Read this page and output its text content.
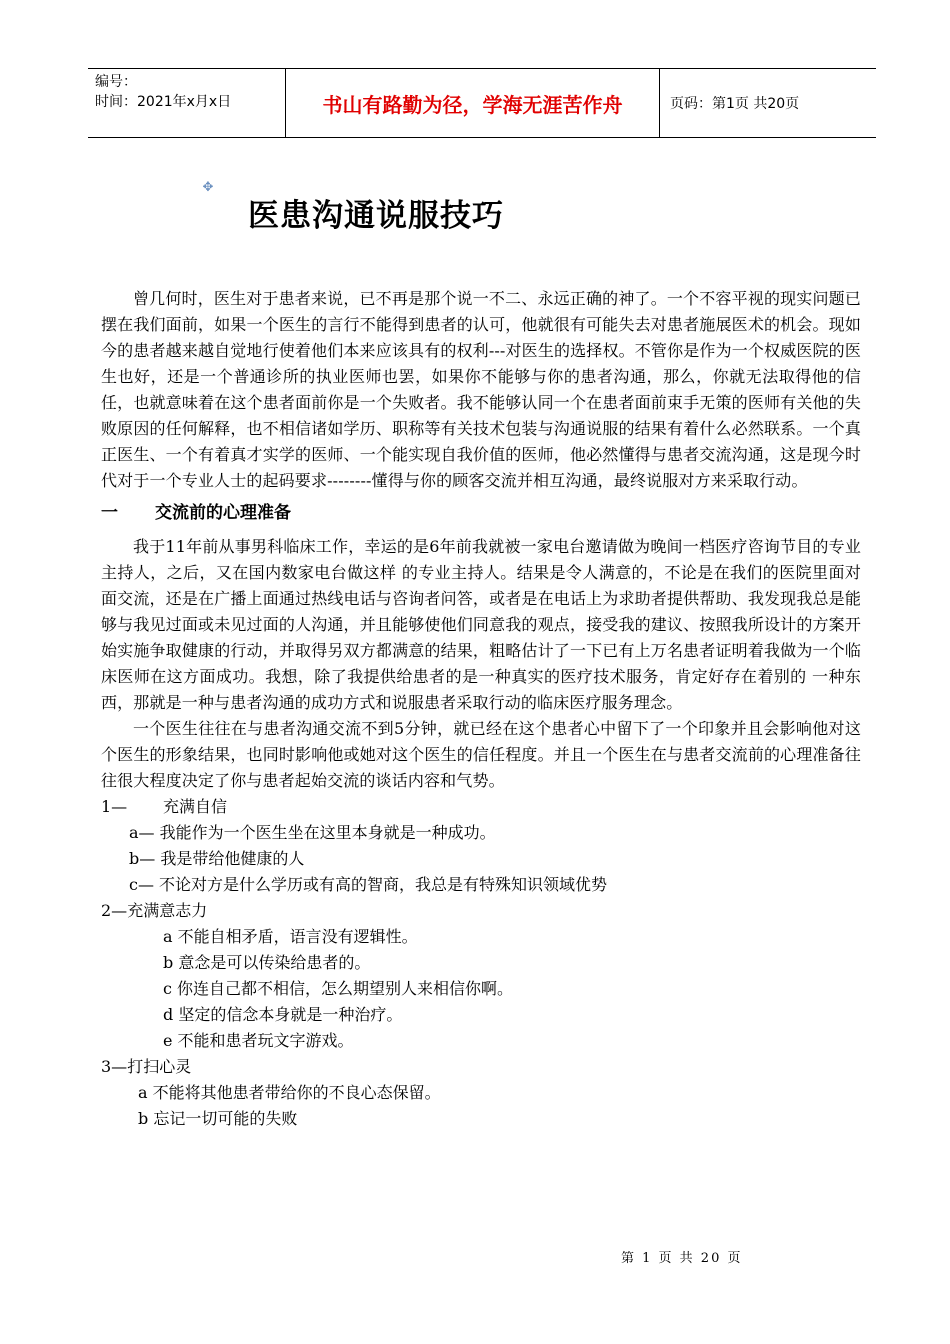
编号：
时间：2021年x月x日	书山有路勤为径，学海无涯苦作舟	页码：第1页 共20页
✥
医患沟通说服技巧

曾几何时，医生对于患者来说，已不再是那个说一不二、永远正确的神了。一个不容平视的现实问题已摆在我们面前，如果一个医生的言行不能得到患者的认可，他就很有可能失去对患者施展医术的机会。现如今的患者越来越自觉地行使着他们本来应该具有的权利---对医生的选择权。不管你是作为一个权威医院的医生也好，还是一个普通诊所的执业医师也罢，如果你不能够与你的患者沟通，那么，你就无法取得他的信任，也就意味着在这个患者面前你是一个失败者。我不能够认同一个在患者面前束手无策的医师有关他的失败原因的任何解释，也不相信诸如学历、职称等有关技术包装与沟通说服的结果有着什么必然联系。一个真正医生、一个有着真才实学的医师、一个能实现自我价值的医师，他必然懂得与患者交流沟通，这是现今时代对于一个专业人士的起码要求--------懂得与你的顾客交流并相互沟通，最终说服对方来采取行动。

一 交流前的心理准备

我于11年前从事男科临床工作，幸运的是6年前我就被一家电台邀请做为晚间一档医疗咨询节目的专业主持人，之后，又在国内数家电台做这样 的专业主持人。结果是令人满意的，不论是在我们的医院里面对面交流，还是在广播上面通过热线电话与咨询者问答，或者是在电话上为求助者提供帮助、我发现我总是能够与我见过面或未见过面的人沟通，并且能够使他们同意我的观点，接受我的建议、按照我所设计的方案开始实施争取健康的行动，并取得另双方都满意的结果，粗略估计了一下已有上万名患者证明着我做为一个临床医师在这方面成功。我想，除了我提供给患者的是一种真实的医疗技术服务，肯定好存在着别的 一种东西，那就是一种与患者沟通的成功方式和说服患者采取行动的临床医疗服务理念。

一个医生往往在与患者沟通交流不到5分钟，就已经在这个患者心中留下了一个印象并且会影响他对这个医生的形象结果，也同时影响他或她对这个医生的信任程度。并且一个医生在与患者交流前的心理准备往往很大程度决定了你与患者起始交流的谈话内容和气势。

1— 充满自信
a— 我能作为一个医生坐在这里本身就是一种成功。
b— 我是带给他健康的人
c— 不论对方是什么学历或有高的智商，我总是有特殊知识领域优势
2—充满意志力
a 不能自相矛盾，语言没有逻辑性。
b 意念是可以传染给患者的。
c 你连自己都不相信，怎么期望别人来相信你啊。
d 坚定的信念本身就是一种治疗。
e 不能和患者玩文字游戏。
3—打扫心灵
a 不能将其他患者带给你的不良心态保留。
b 忘记一切可能的失败
第 1 页 共 20 页
